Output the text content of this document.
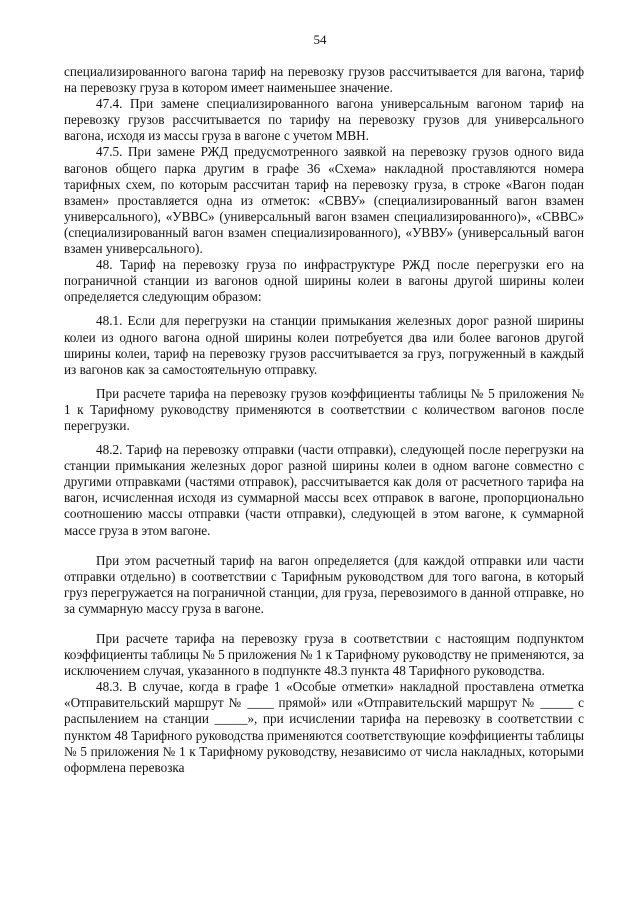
54

специализированного вагона тариф на перевозку грузов рассчитывается для вагона, тариф на перевозку груза в котором имеет наименьшее значение.

47.4. При замене специализированного вагона универсальным вагоном тариф на перевозку грузов рассчитывается по тарифу на перевозку грузов для универсального вагона, исходя из массы груза в вагоне с учетом МВН.

47.5. При замене РЖД предусмотренного заявкой на перевозку грузов одного вида вагонов общего парка другим в графе 36 «Схема» накладной проставляются номера тарифных схем, по которым рассчитан тариф на перевозку груза, в строке «Вагон подан взамен» проставляется одна из отметок: «СВВУ» (специализированный вагон взамен универсального), «УВВС» (универсальный вагон взамен специализированного)», «СВВС» (специализированный вагон взамен специализированного), «УВВУ» (универсальный вагон взамен универсального).

48. Тариф на перевозку груза по инфраструктуре РЖД после перегрузки его на пограничной станции из вагонов одной ширины колеи в вагоны другой ширины колеи определяется следующим образом:

48.1. Если для перегрузки на станции примыкания железных дорог разной ширины колеи из одного вагона одной ширины колеи потребуется два или более вагонов другой ширины колеи, тариф на перевозку грузов рассчитывается за груз, погруженный в каждый из вагонов как за самостоятельную отправку.

При расчете тарифа на перевозку грузов коэффициенты таблицы № 5 приложения № 1 к Тарифному руководству применяются в соответствии с количеством вагонов после перегрузки.

48.2. Тариф на перевозку отправки (части отправки), следующей после перегрузки на станции примыкания железных дорог разной ширины колеи в одном вагоне совместно с другими отправками (частями отправок), рассчитывается как доля от расчетного тарифа на вагон, исчисленная исходя из суммарной массы всех отправок в вагоне, пропорционально соотношению массы отправки (части отправки), следующей в этом вагоне, к суммарной массе груза в этом вагоне.

При этом расчетный тариф на вагон определяется (для каждой отправки или части отправки отдельно) в соответствии с Тарифным руководством для того вагона, в который груз перегружается на пограничной станции, для груза, перевозимого в данной отправке, но за суммарную массу груза в вагоне.

При расчете тарифа на перевозку груза в соответствии с настоящим подпунктом коэффициенты таблицы № 5 приложения № 1 к Тарифному руководству не применяются, за исключением случая, указанного в подпункте 48.3 пункта 48 Тарифного руководства.

48.3. В случае, когда в графе 1 «Особые отметки» накладной проставлена отметка «Отправительский маршрут № ____ прямой» или «Отправительский маршрут № _____ с распылением на станции _____», при исчислении тарифа на перевозку в соответствии с пунктом 48 Тарифного руководства применяются соответствующие коэффициенты таблицы № 5 приложения № 1 к Тарифному руководству, независимо от числа накладных, которыми оформлена перевозка
